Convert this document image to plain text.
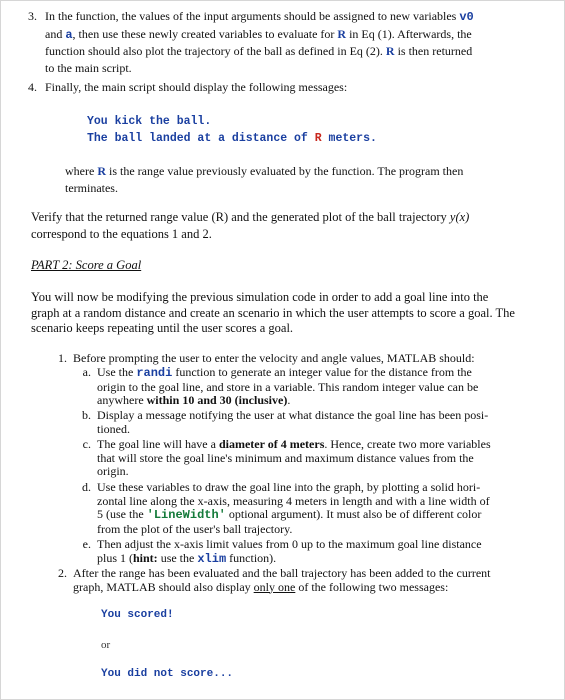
3. In the function, the values of the input arguments should be assigned to new variables v0

and a, then use these newly created variables to evaluate for R in Eq (1). Afterwards, the

function should also plot the trajectory of the ball as defined in Eq (2). R is then returned

to the main script.

4. Finally, the main script should display the following messages:

You kick the ball.

The ball landed at a distance of R meters.

where R is the range value previously evaluated by the function. The program then

terminates.

Verify that the returned range value (R) and the generated plot of the ball trajectory y(x)

correspond to the equations 1 and 2.

PART 2: Score a Goal

You will now be modifying the previous simulation code in order to add a goal line into the

graph at a random distance and create an scenario in which the user attempts to score a goal. The

scenario keeps repeating until the user scores a goal.

1. Before prompting the user to enter the velocity and angle values, MATLAB should:
a. Use the randi function to generate an integer value for the distance from the

origin to the goal line, and store in a variable. This random integer value can be

anywhere within 10 and 30 (inclusive).

b. Display a message notifying the user at what distance the goal line has been posi-

tioned.

c. The goal line will have a diameter of 4 meters. Hence, create two more variables

that will store the goal line's minimum and maximum distance values from the

origin.

d. Use these variables to draw the goal line into the graph, by plotting a solid hori-

zontal line along the x-axis, measuring 4 meters in length and with a line width of

5 (use the 'LineWidth' optional argument). It must also be of different color

from the plot of the user's ball trajectory.

e. Then adjust the x-axis limit values from 0 up to the maximum goal line distance

plus 1 (hint: use the xlim function).

2. After the range has been evaluated and the ball trajectory has been added to the current

graph, MATLAB should also display only one of the following two messages:

You scored!
or
You did not score...
